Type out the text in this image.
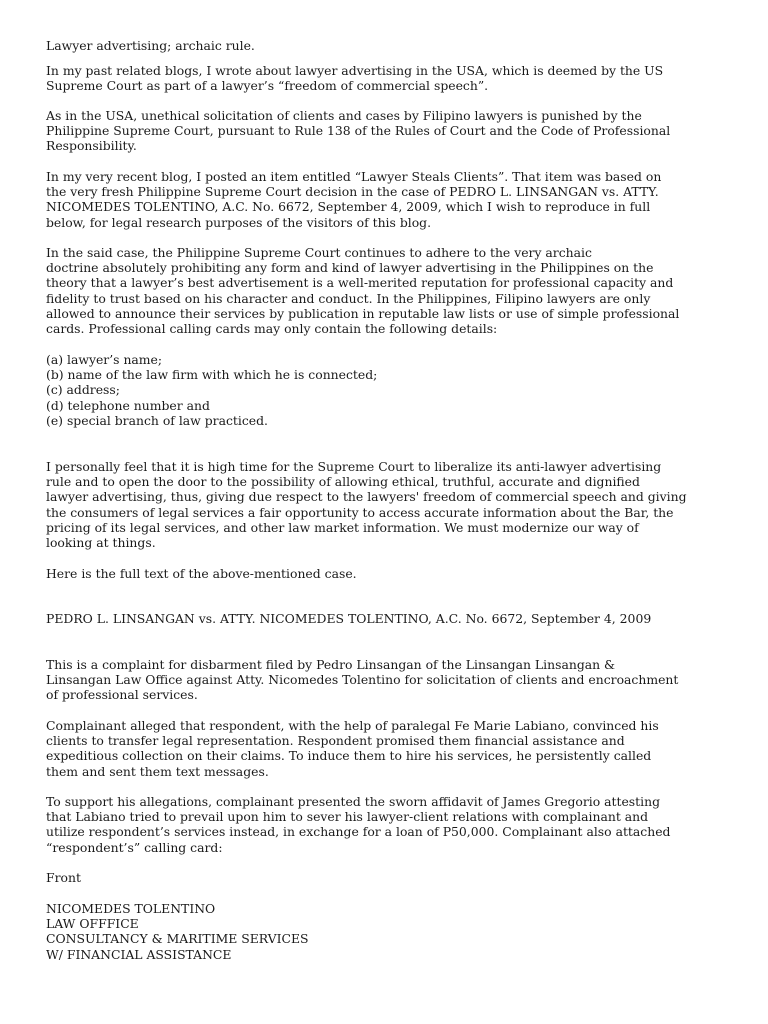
Lawyer advertising; archaic rule.
In my past related blogs, I wrote about lawyer advertising in the USA, which is deemed by the US
Supreme Court as part of a lawyer’s “freedom of commercial speech”.
As in the USA, unethical solicitation of clients and cases by Filipino lawyers is punished by the
Philippine Supreme Court, pursuant to Rule 138 of the Rules of Court and the Code of Professional
Responsibility.
In my very recent blog, I posted an item entitled “Lawyer Steals Clients”. That item was based on
the very fresh Philippine Supreme Court decision in the case of PEDRO L. LINSANGAN vs. ATTY.
NICOMEDES TOLENTINO, A.C. No. 6672, September 4, 2009, which I wish to reproduce in full
below, for legal research purposes of the visitors of this blog.
In the said case, the Philippine Supreme Court continues to adhere to the very archaic
doctrine absolutely prohibiting any form and kind of lawyer advertising in the Philippines on the
theory that a lawyer’s best advertisement is a well-merited reputation for professional capacity and
fidelity to trust based on his character and conduct. In the Philippines, Filipino lawyers are only
allowed to announce their services by publication in reputable law lists or use of simple professional
cards. Professional calling cards may only contain the following details:
(a) lawyer’s name;
(b) name of the law firm with which he is connected;
(c) address;
(d) telephone number and
(e) special branch of law practiced.
I personally feel that it is high time for the Supreme Court to liberalize its anti-lawyer advertising
rule and to open the door to the possibility of allowing ethical, truthful, accurate and dignified
lawyer advertising, thus, giving due respect to the lawyers' freedom of commercial speech and giving
the consumers of legal services a fair opportunity to access accurate information about the Bar, the
pricing of its legal services, and other law market information. We must modernize our way of
looking at things.
Here is the full text of the above-mentioned case.
PEDRO L. LINSANGAN vs. ATTY. NICOMEDES TOLENTINO, A.C. No. 6672, September 4, 2009
This is a complaint for disbarment filed by Pedro Linsangan of the Linsangan Linsangan &
Linsangan Law Office against Atty. Nicomedes Tolentino for solicitation of clients and encroachment
of professional services.
Complainant alleged that respondent, with the help of paralegal Fe Marie Labiano, convinced his
clients to transfer legal representation. Respondent promised them financial assistance and
expeditious collection on their claims. To induce them to hire his services, he persistently called
them and sent them text messages.
To support his allegations, complainant presented the sworn affidavit of James Gregorio attesting
that Labiano tried to prevail upon him to sever his lawyer-client relations with complainant and
utilize respondent’s services instead, in exchange for a loan of P50,000. Complainant also attached
“respondent’s” calling card:
Front
NICOMEDES TOLENTINO
LAW OFFFICE
CONSULTANCY & MARITIME SERVICES
W/ FINANCIAL ASSISTANCE
